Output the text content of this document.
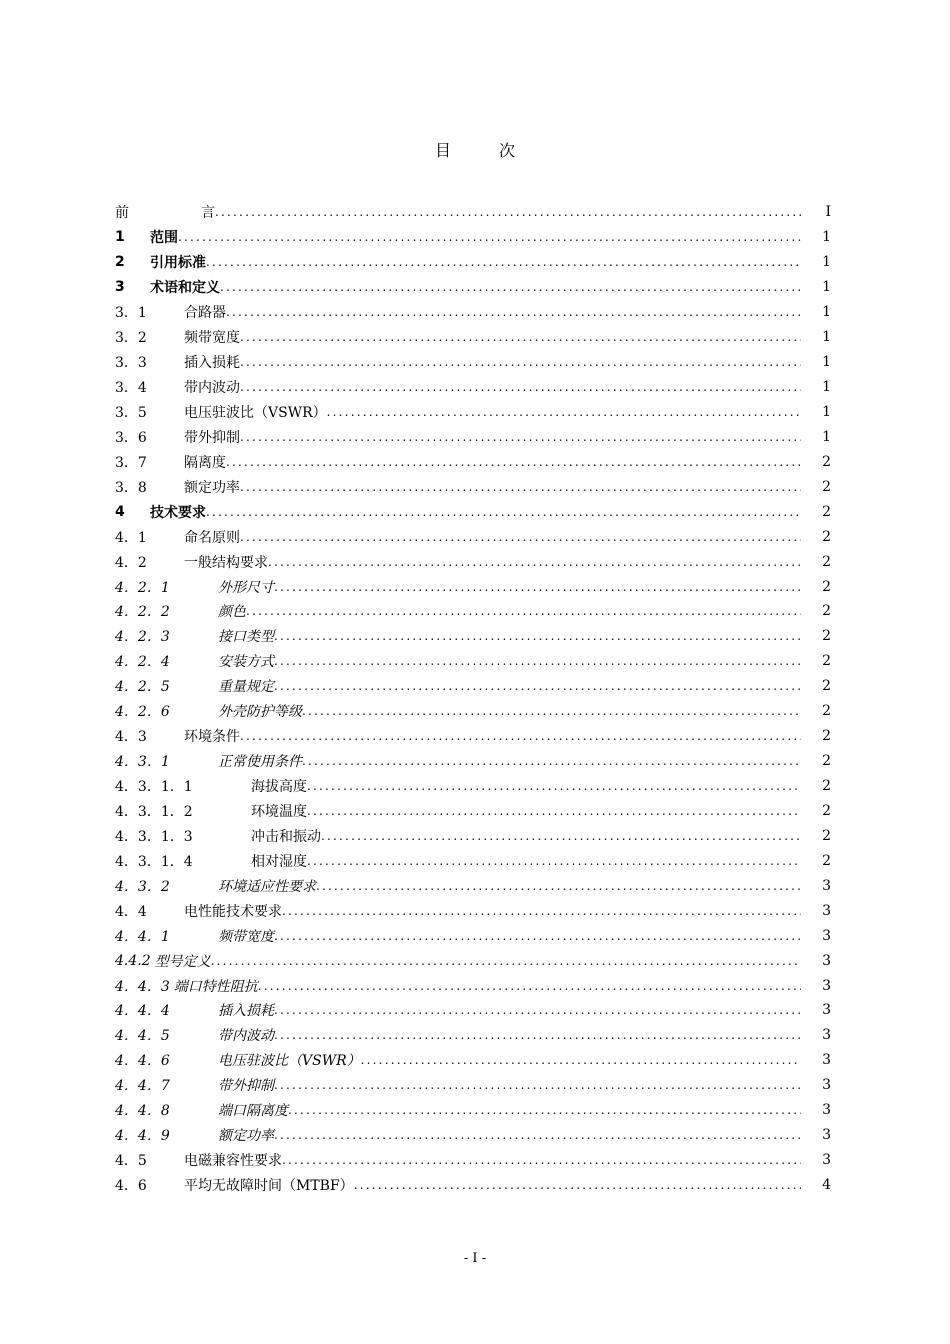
目	次
前	言 .....	I
1	范围 .....	1
2	引用标准 .....	1
3	术语和定义 .....	1
3．1	合路器 .....	1
3．2	频带宽度 .....	1
3．3	插入损耗 .....	1
3．4	带内波动 .....	1
3．5	电压驻波比（VSWR） .....	1
3．6	带外抑制 .....	1
3．7	隔离度 .....	2
3．8	额定功率 .....	2
4	技术要求 .....	2
4．1	命名原则 .....	2
4．2	一般结构要求 .....	2
4．2．1	外形尺寸 .....	2
4．2．2	颜色 .....	2
4．2．3	接口类型 .....	2
4．2．4	安装方式 .....	2
4．2．5	重量规定 .....	2
4．2．6	外壳防护等级 .....	2
4．3	环境条件 .....	2
4．3．1	正常使用条件 .....	2
4．3．1．1	海拔高度 .....	2
4．3．1．2	环境温度 .....	2
4．3．1．3	冲击和振动 .....	2
4．3．1．4	相对湿度 .....	2
4．3．2	环境适应性要求 .....	3
4．4	电性能技术要求 .....	3
4．4．1	频带宽度 .....	3
4.4.2 型号定义 .....	3
4．4．3 端口特性阻抗 .....	3
4．4．4	插入损耗 .....	3
4．4．5	带内波动 .....	3
4．4．6	电压驻波比（VSWR） .....	3
4．4．7	带外抑制 .....	3
4．4．8	端口隔离度 .....	3
4．4．9	额定功率 .....	3
4．5	电磁兼容性要求 .....	3
4．6	平均无故障时间（MTBF） .....	4
- I -
